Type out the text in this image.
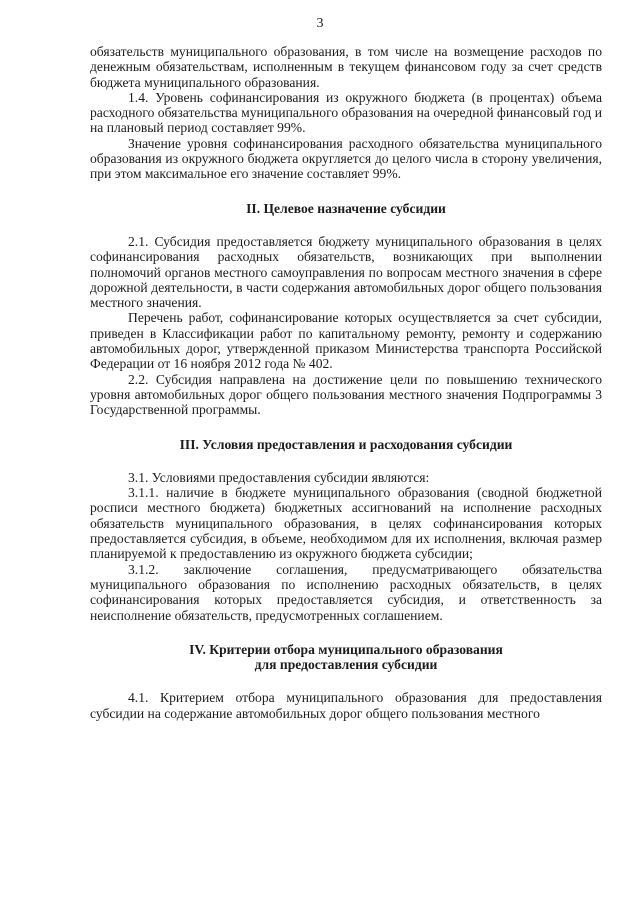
3

обязательств муниципального образования, в том числе на возмещение расходов по денежным обязательствам, исполненным в текущем финансовом году за счет средств бюджета муниципального образования.

1.4. Уровень софинансирования из окружного бюджета (в процентах) объема расходного обязательства муниципального образования на очередной финансовый год и на плановый период составляет 99%.

Значение уровня софинансирования расходного обязательства муниципального образования из окружного бюджета округляется до целого числа в сторону увеличения, при этом максимальное его значение составляет 99%.

II. Целевое назначение субсидии

2.1. Субсидия предоставляется бюджету муниципального образования в целях софинансирования расходных обязательств, возникающих при выполнении полномочий органов местного самоуправления по вопросам местного значения в сфере дорожной деятельности, в части содержания автомобильных дорог общего пользования местного значения.

Перечень работ, софинансирование которых осуществляется за счет субсидии, приведен в Классификации работ по капитальному ремонту, ремонту и содержанию автомобильных дорог, утвержденной приказом Министерства транспорта Российской Федерации от 16 ноября 2012 года № 402.

2.2. Субсидия направлена на достижение цели по повышению технического уровня автомобильных дорог общего пользования местного значения Подпрограммы 3 Государственной программы.

III. Условия предоставления и расходования субсидии

3.1. Условиями предоставления субсидии являются:

3.1.1. наличие в бюджете муниципального образования (сводной бюджетной росписи местного бюджета) бюджетных ассигнований на исполнение расходных обязательств муниципального образования, в целях софинансирования которых предоставляется субсидия, в объеме, необходимом для их исполнения, включая размер планируемой к предоставлению из окружного бюджета субсидии;

3.1.2. заключение соглашения, предусматривающего обязательства муниципального образования по исполнению расходных обязательств, в целях софинансирования которых предоставляется субсидия, и ответственность за неисполнение обязательств, предусмотренных соглашением.

IV. Критерии отбора муниципального образования

для предоставления субсидии

4.1. Критерием отбора муниципального образования для предоставления субсидии на содержание автомобильных дорог общего пользования местного
